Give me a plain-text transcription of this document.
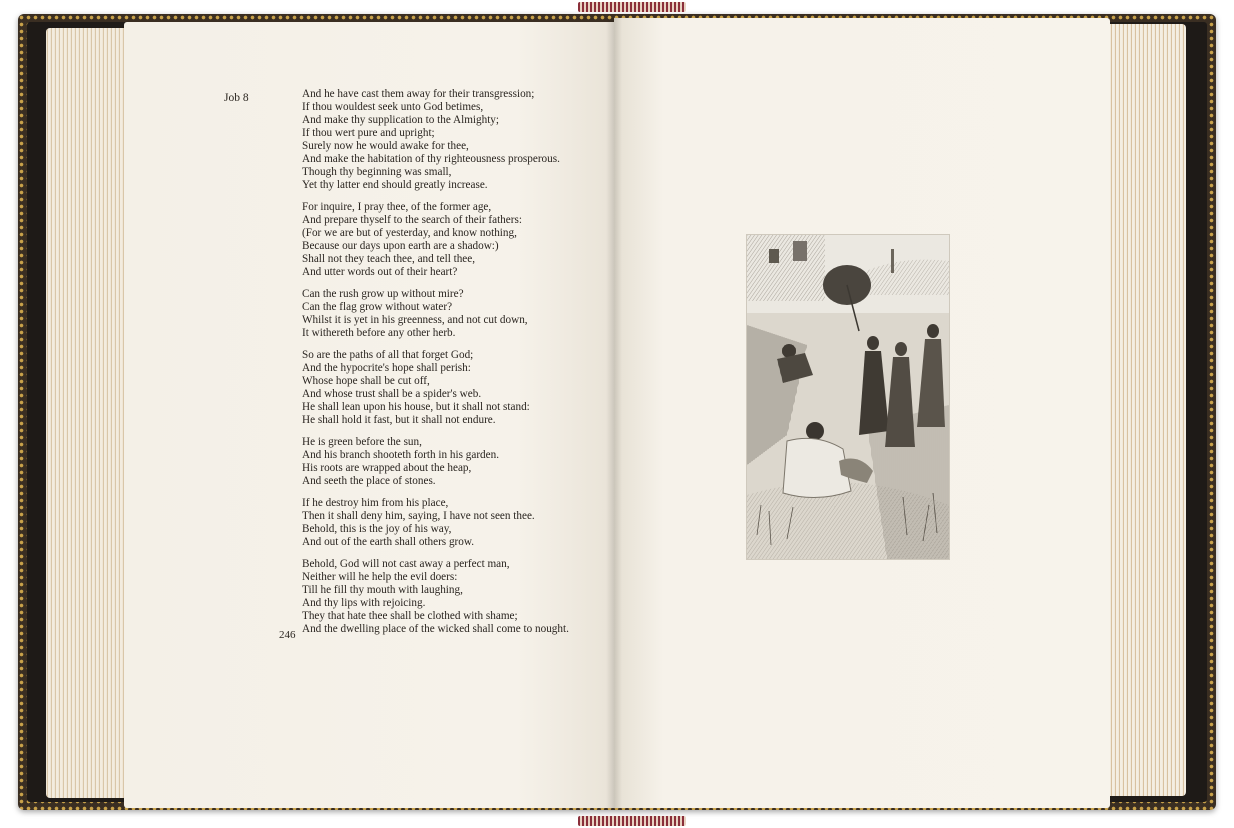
Job 8	And he have cast them away for their transgression;
If thou wouldest seek unto God betimes,
And make thy supplication to the Almighty;
If thou wert pure and upright;
Surely now he would awake for thee,
And make the habitation of thy righteousness prosperous.
Though thy beginning was small,
Yet thy latter end should greatly increase.

For inquire, I pray thee, of the former age,
And prepare thyself to the search of their fathers:
(For we are but of yesterday, and know nothing,
Because our days upon earth are a shadow:)
Shall not they teach thee, and tell thee,
And utter words out of their heart?

Can the rush grow up without mire?
Can the flag grow without water?
Whilst it is yet in his greenness, and not cut down,
It withereth before any other herb.

So are the paths of all that forget God;
And the hypocrite's hope shall perish:
Whose hope shall be cut off,
And whose trust shall be a spider's web.
He shall lean upon his house, but it shall not stand:
He shall hold it fast, but it shall not endure.

He is green before the sun,
And his branch shooteth forth in his garden.
His roots are wrapped about the heap,
And seeth the place of stones.

If he destroy him from his place,
Then it shall deny him, saying, I have not seen thee.
Behold, this is the joy of his way,
And out of the earth shall others grow.

Behold, God will not cast away a perfect man,
Neither will he help the evil doers:
Till he fill thy mouth with laughing,
And thy lips with rejoicing.
They that hate thee shall be clothed with shame;
And the dwelling place of the wicked shall come to nought.

246
